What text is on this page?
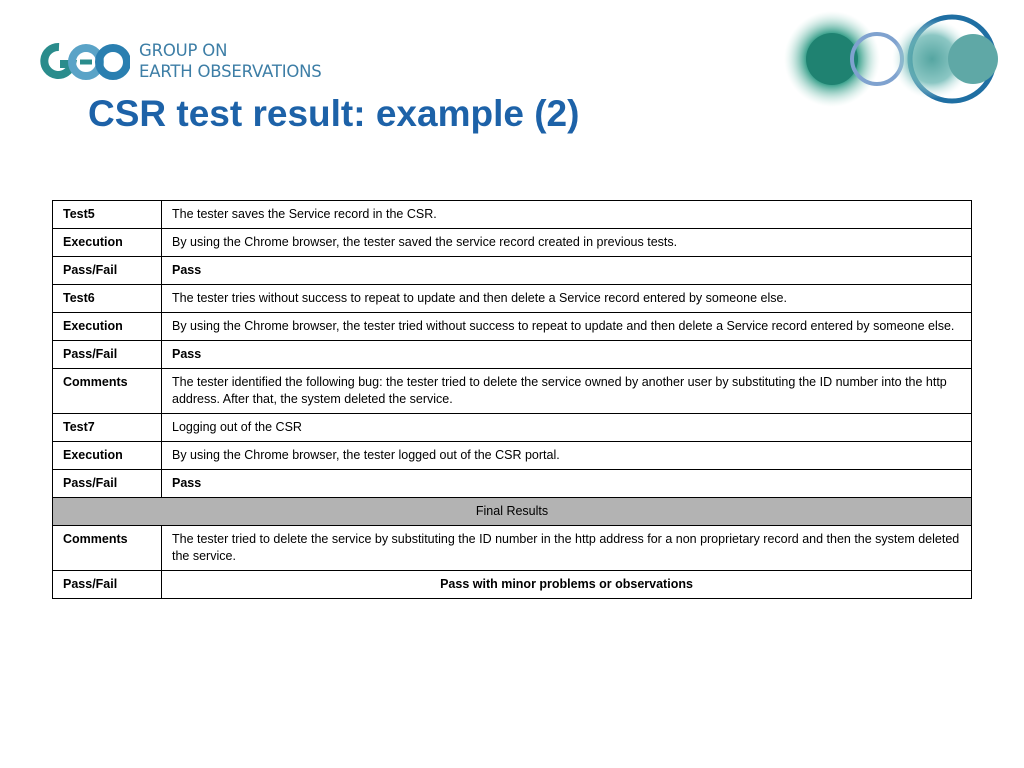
GROUP ON
EARTH OBSERVATIONS
CSR test result: example (2)
Test5	The tester saves the Service record in the CSR.
Execution	By using the Chrome browser, the tester saved the service record created in previous tests.
Pass/Fail	Pass
Test6	The tester tries without success to repeat to update and then delete a Service record entered by someone else.
Execution	By using the Chrome browser, the tester tried without success to repeat to update and then delete a Service record entered by someone else.
Pass/Fail	Pass
Comments	The tester identified the following bug: the tester tried to delete the service owned by another user by substituting the ID number into the http address. After that, the system deleted the service.
Test7	Logging out of the CSR
Execution	By using the Chrome browser, the tester logged out of the CSR portal.
Pass/Fail	Pass
Final Results	
Comments	The tester tried to delete the service by substituting the ID number in the http address for a non proprietary record and then the system deleted the service.
Pass/Fail	Pass with minor problems or observations
